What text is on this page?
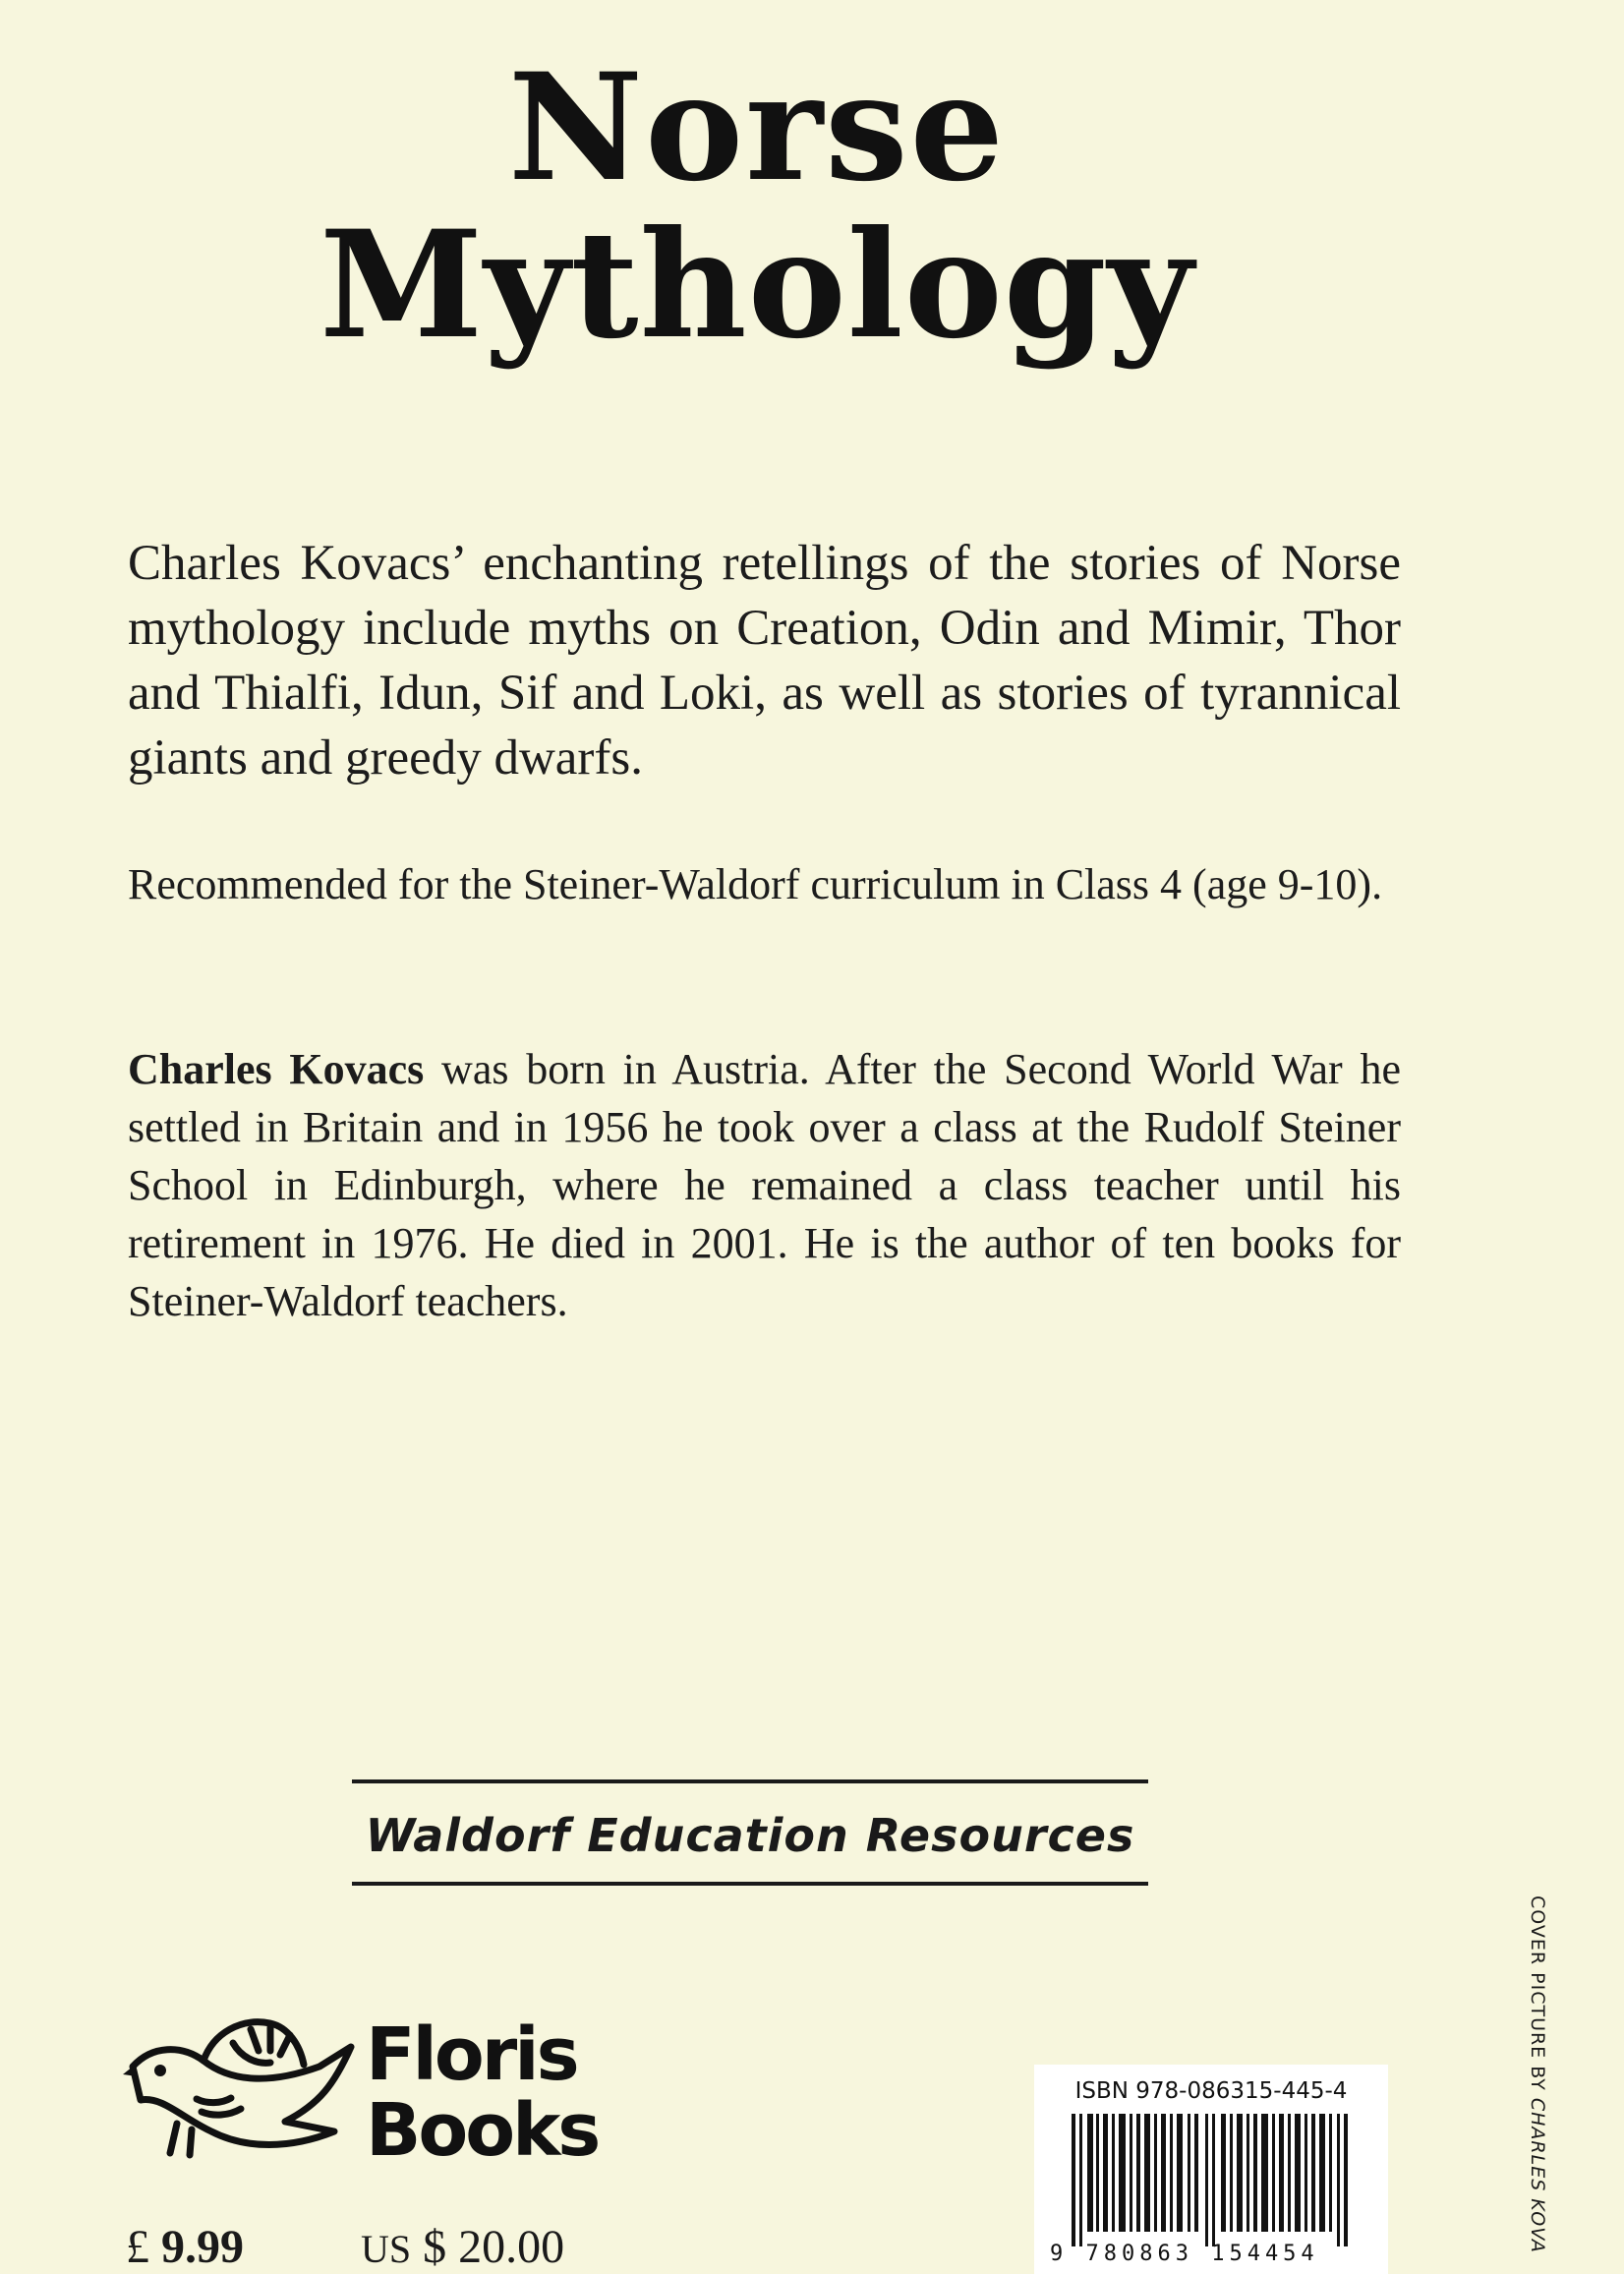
Norse
Mythology

Charles Kovacs’ enchanting retellings of the stories of Norse mythology include myths on Creation, Odin and Mimir, Thor and Thialfi, Idun, Sif and Loki, as well as stories of tyrannical giants and greedy dwarfs.

Recommended for the Steiner-Waldorf curriculum in Class 4 (age 9-10).

Charles Kovacs was born in Austria. After the Second World War he settled in Britain and in 1956 he took over a class at the Rudolf Steiner School in Edinburgh, where he remained a class teacher until his retirement in 1976. He died in 2001. He is the author of ten books for Steiner-Waldorf teachers.

Waldorf Education Resources
Floris
Books
£ 9.99	US $ 20.00
ISBN 978-086315-445-4
9 780863 154454
COVER PICTURE BY CHARLES KOVA
